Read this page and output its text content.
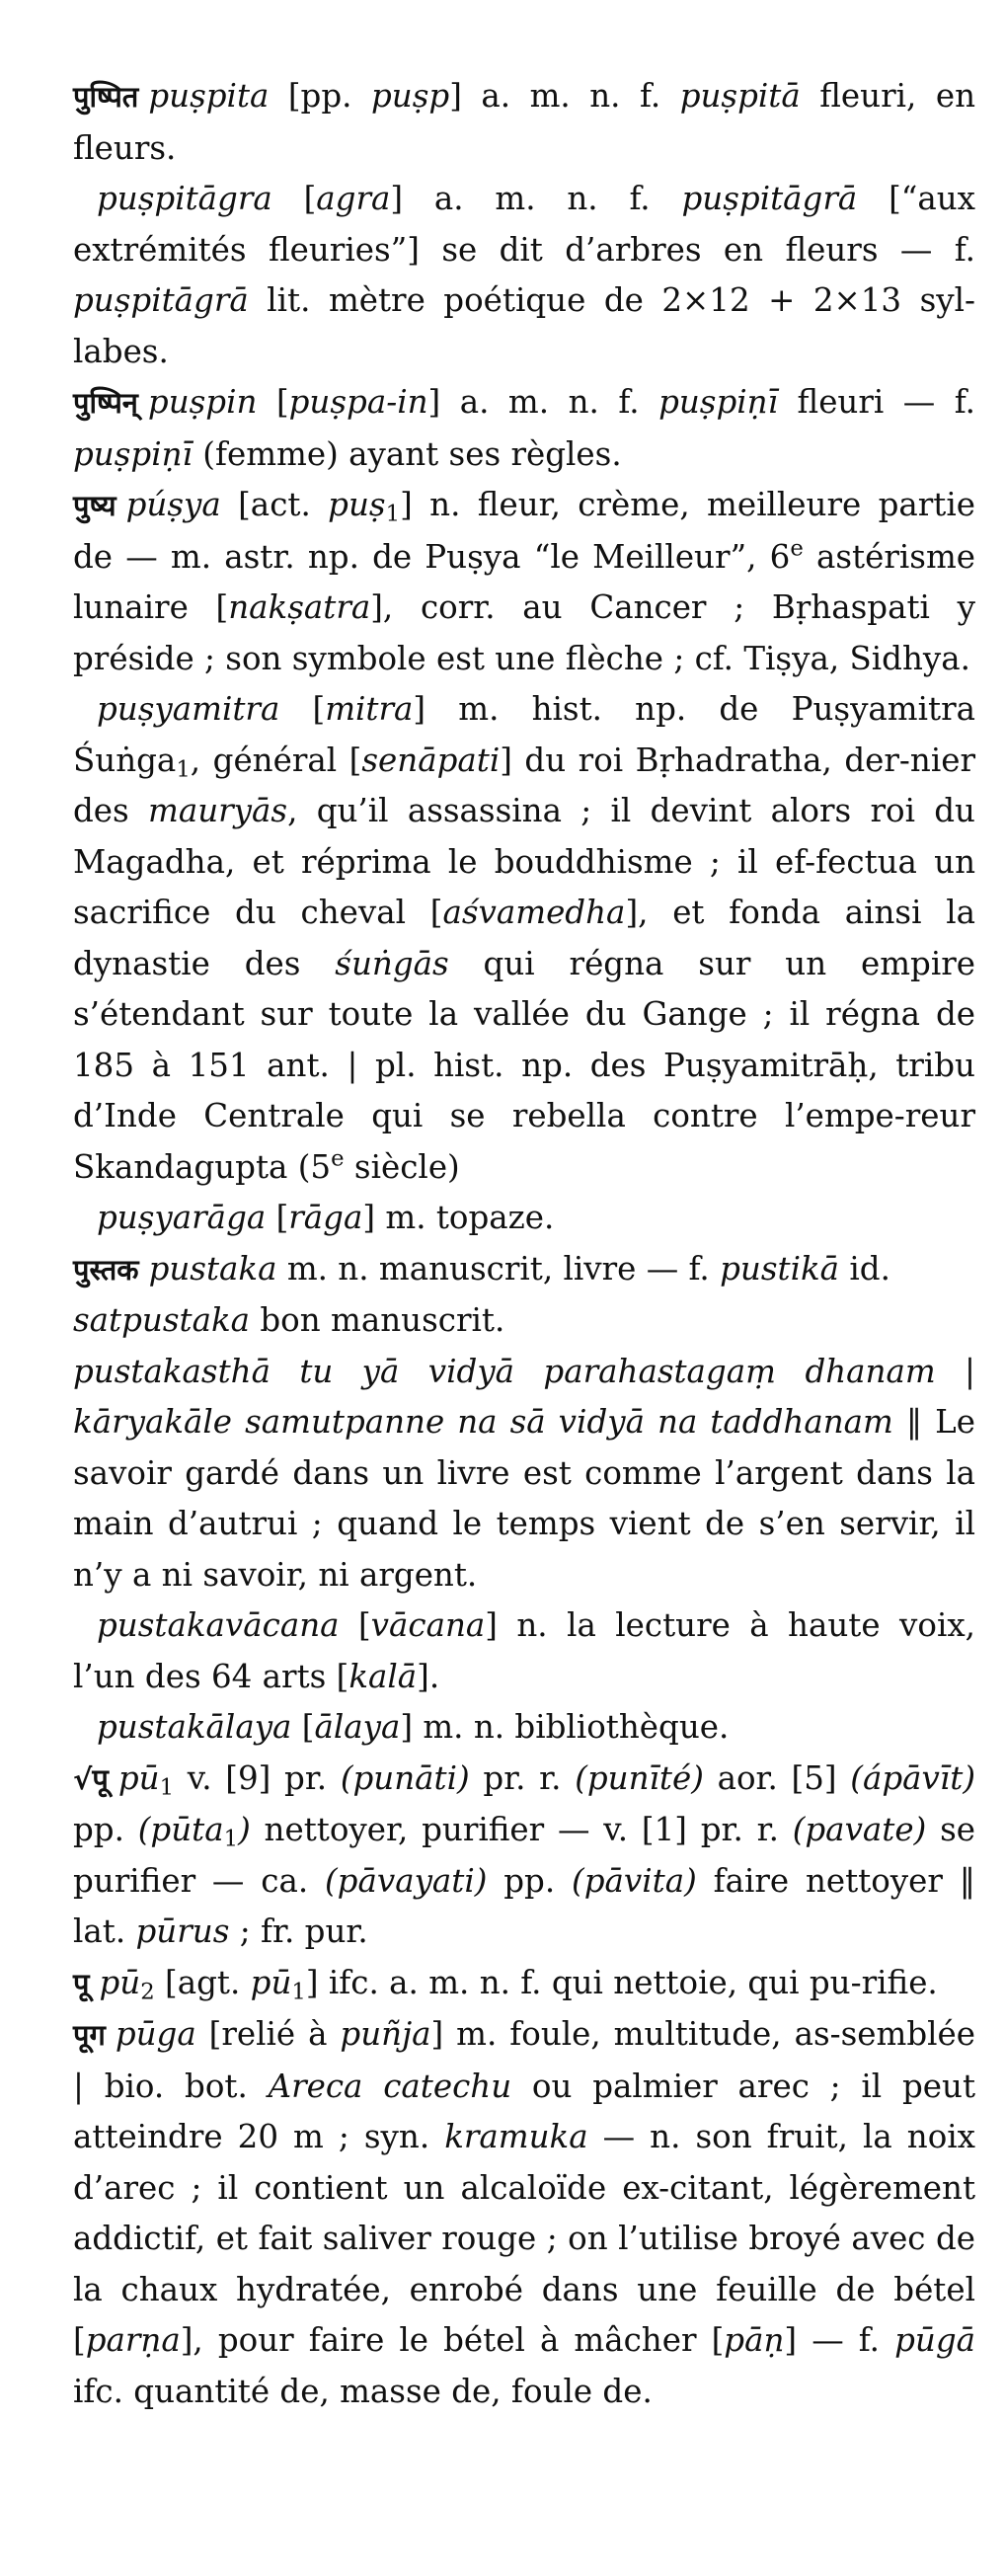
पुष्पित puṣpita [pp. puṣp] a. m. n. f. puṣpitā fleuri, en fleurs.

puṣpitāgra [agra] a. m. n. f. puṣpitāgrā [“aux extrémités fleuries”] se dit d’arbres en fleurs — f. puṣpitāgrā lit. mètre poétique de 2×12 + 2×13 syl-labes.

पुष्पिन् puṣpin [puṣpa-in] a. m. n. f. puṣpiṇī fleuri — f. puṣpiṇī (femme) ayant ses règles.

पुष्य púṣya [act. puṣ$_1$] n. fleur, crème, meilleure partie de — m. astr. np. de Puṣya “le Meilleur”, 6e astérisme lunaire [nakṣatra], corr. au Cancer ; Bṛhaspati y préside ; son symbole est une flèche ; cf. Tiṣya, Sidhya.

puṣyamitra [mitra] m. hist. np. de Puṣyamitra Śuṅga$_1$, général [senāpati] du roi Bṛhadratha, der-nier des mauryās, qu’il assassina ; il devint alors roi du Magadha, et réprima le bouddhisme ; il ef-fectua un sacrifice du cheval [aśvamedha], et fonda ainsi la dynastie des śuṅgās qui régna sur un empire s’étendant sur toute la vallée du Gange ; il régna de 185 à 151 ant. | pl. hist. np. des Puṣyamitrāḥ, tribu d’Inde Centrale qui se rebella contre l’empe-reur Skandagupta (5e siècle)

puṣyarāga [rāga] m. topaze.

पुस्तक pustaka m. n. manuscrit, livre — f. pustikā id.

satpustaka bon manuscrit.

pustakasthā tu yā vidyā parahastagaṃ dhanam | kāryakāle samutpanne na sā vidyā na taddhanam ‖ Le savoir gardé dans un livre est comme l’argent dans la main d’autrui ; quand le temps vient de s’en servir, il n’y a ni savoir, ni argent.

pustakavācana [vācana] n. la lecture à haute voix, l’un des 64 arts [kalā].

pustakālaya [ālaya] m. n. bibliothèque.

√पू $pū_1$ v. [9] pr. (punāti) pr. r. (punīté) aor. [5] (ápāvīt) pp. (pūta$_1$) nettoyer, purifier — v. [1] pr. r. (pavate) se purifier — ca. (pāvayati) pp. (pāvita) faire nettoyer ‖ lat. pūrus ; fr. pur.

पू $pū_2$ [agt. $pū_1$] ifc. a. m. n. f. qui nettoie, qui pu-rifie.

पूग pūga [relié à puñja] m. foule, multitude, as-semblée | bio. bot. Areca catechu ou palmier arec ; il peut atteindre 20 m ; syn. kramuka — n. son fruit, la noix d’arec ; il contient un alcaloïde ex-citant, légèrement addictif, et fait saliver rouge ; on l’utilise broyé avec de la chaux hydratée, enrobé dans une feuille de bétel [parṇa], pour faire le bétel à mâcher [pāṇ] — f. pūgā ifc. quantité de, masse de, foule de.
